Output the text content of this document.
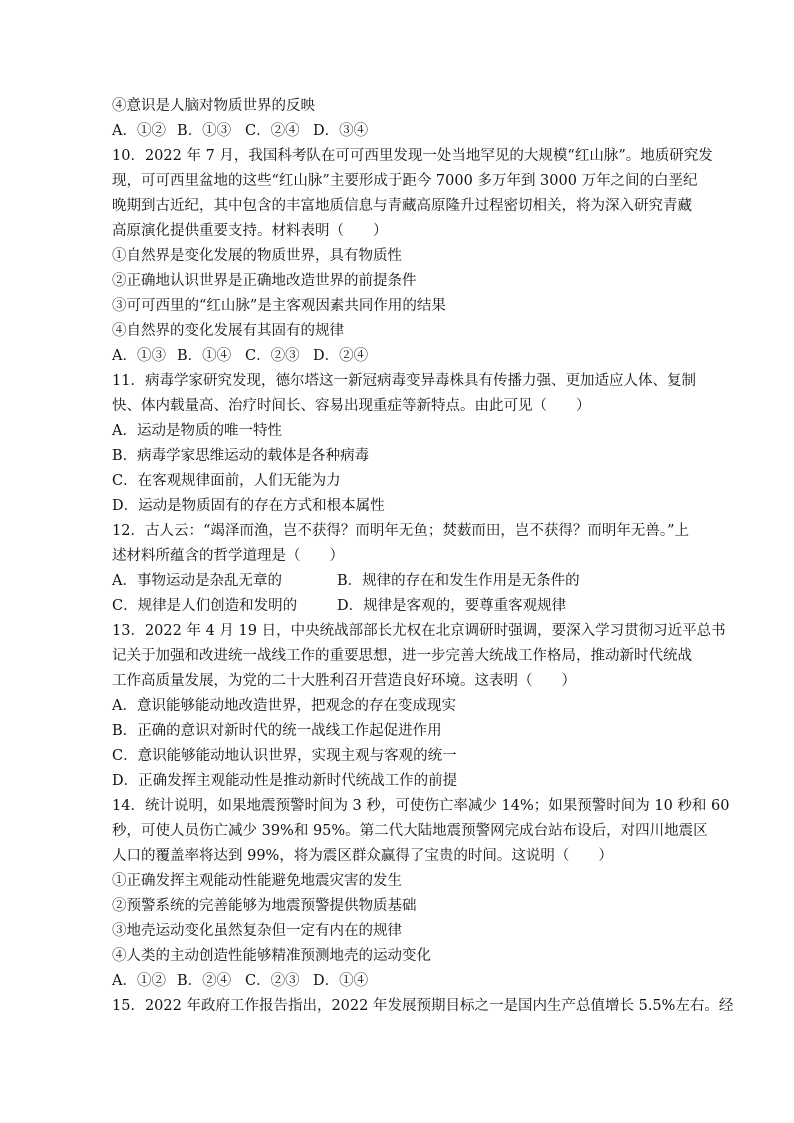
④意识是人脑对物质世界的反映
A．①② B．①③ C．②④ D．③④
10．2022 年 7 月，我国科考队在可可西里发现一处当地罕见的大规模“红山脉”。地质研究发
现，可可西里盆地的这些“红山脉”主要形成于距今 7000 多万年到 3000 万年之间的白垩纪
晚期到古近纪，其中包含的丰富地质信息与青藏高原隆升过程密切相关，将为深入研究青藏
高原演化提供重要支持。材料表明（　　）
①自然界是变化发展的物质世界，具有物质性
②正确地认识世界是正确地改造世界的前提条件
③可可西里的“红山脉”是主客观因素共同作用的结果
④自然界的变化发展有其固有的规律
A．①③ B．①④ C．②③ D．②④
11．病毒学家研究发现，德尔塔这一新冠病毒变异毒株具有传播力强、更加适应人体、复制
快、体内载量高、治疗时间长、容易出现重症等新特点。由此可见（　　）
A．运动是物质的唯一特性
B．病毒学家思维运动的载体是各种病毒
C．在客观规律面前，人们无能为力
D．运动是物质固有的存在方式和根本属性
12．古人云：“竭泽而渔，岂不获得？而明年无鱼；焚薮而田，岂不获得？而明年无兽。”上
述材料所蕴含的哲学道理是（　　）
A．事物运动是杂乱无章的	B．规律的存在和发生作用是无条件的
C．规律是人们创造和发明的	D．规律是客观的，要尊重客观规律
13．2022 年 4 月 19 日，中央统战部部长尤权在北京调研时强调，要深入学习贯彻习近平总书
记关于加强和改进统一战线工作的重要思想，进一步完善大统战工作格局，推动新时代统战
工作高质量发展，为党的二十大胜利召开营造良好环境。这表明（　　）
A．意识能够能动地改造世界，把观念的存在变成现实
B．正确的意识对新时代的统一战线工作起促进作用
C．意识能够能动地认识世界，实现主观与客观的统一
D．正确发挥主观能动性是推动新时代统战工作的前提
14．统计说明，如果地震预警时间为 3 秒，可使伤亡率减少 14%；如果预警时间为 10 秒和 60
秒，可使人员伤亡减少 39%和 95%。第二代大陆地震预警网完成台站布设后，对四川地震区
人口的覆盖率将达到 99%，将为震区群众赢得了宝贵的时间。这说明（　　）
①正确发挥主观能动性能避免地震灾害的发生
②预警系统的完善能够为地震预警提供物质基础
③地壳运动变化虽然复杂但一定有内在的规律
④人类的主动创造性能够精准预测地壳的运动变化
A．①② B．②④ C．②③ D．①④
15．2022 年政府工作报告指出，2022 年发展预期目标之一是国内生产总值增长 5.5%左右。经
